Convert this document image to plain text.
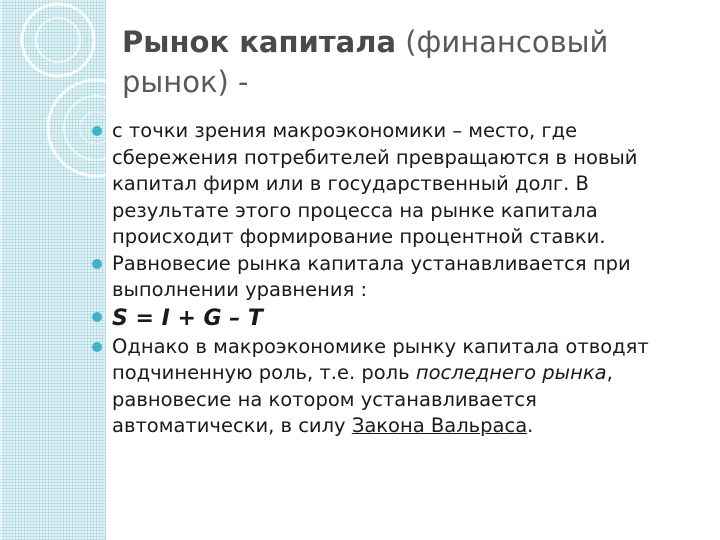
Рынок капитала (финансовый рынок) -
с точки зрения макроэкономики – место, где сбережения потребителей превращаются в новый капитал фирм или в государственный долг. В результате этого процесса на рынке капитала происходит формирование процентной ставки.
Равновесие рынка капитала устанавливается при выполнении уравнения :
S = I + G – T
Однако в макроэкономике рынку капитала отводят подчиненную роль, т.е. роль последнего рынка, равновесие на котором устанавливается автоматически, в силу Закона Вальраса.
